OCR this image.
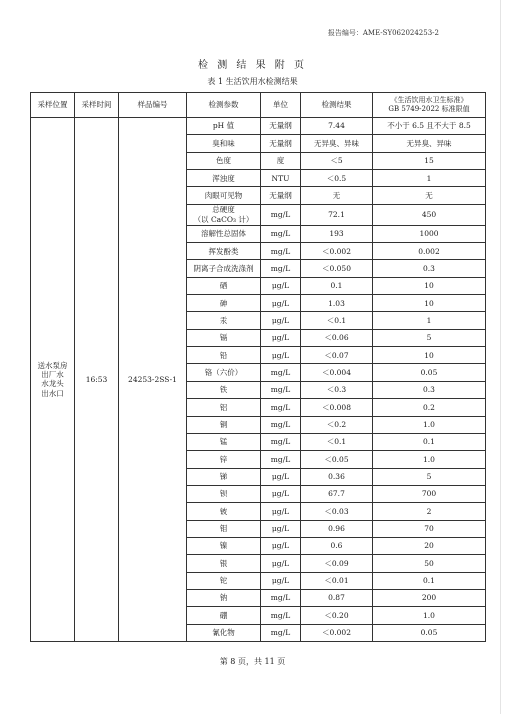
报告编号：AME-SY062024253-2
检 测 结 果 附 页
表 1 生活饮用水检测结果
采样位置	采样时间	样品编号	检测参数	单位	检测结果	《生活饮用水卫生标准》
GB 5749-2022 标准限值

送水泵房
出厂水
水龙头
出水口	16:53	24253-2SS-1	pH 值	无量纲	7.44	不小于 6.5 且不大于 8.5

			臭和味	无量纲	无异臭、异味	无异臭、异味

			色度	度	＜5	15

			浑浊度	NTU	＜0.5	1

			肉眼可见物	无量纲	无	无

			总硬度
（以 CaCO₃ 计）	mg/L	72.1	450

			溶解性总固体	mg/L	193	1000

			挥发酚类	mg/L	＜0.002	0.002

			阴离子合成洗涤剂	mg/L	＜0.050	0.3

			硒	μg/L	0.1	10

			砷	μg/L	1.03	10

			汞	μg/L	＜0.1	1

			镉	μg/L	＜0.06	5

			铅	μg/L	＜0.07	10

			铬（六价）	mg/L	＜0.004	0.05

			铁	mg/L	＜0.3	0.3

			铝	mg/L	＜0.008	0.2

			铜	mg/L	＜0.2	1.0

			锰	mg/L	＜0.1	0.1

			锌	mg/L	＜0.05	1.0

			锑	μg/L	0.36	5

			钡	μg/L	67.7	700

			铍	μg/L	＜0.03	2

			钼	μg/L	0.96	70

			镍	μg/L	0.6	20

			银	μg/L	＜0.09	50

			铊	μg/L	＜0.01	0.1

			钠	mg/L	0.87	200

			硼	mg/L	＜0.20	1.0

			氰化物	mg/L	＜0.002	0.05
第 8 页，共 11 页
